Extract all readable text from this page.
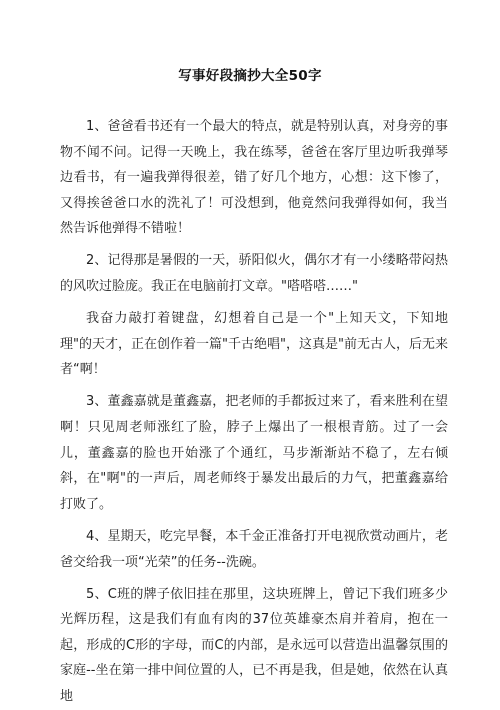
写事好段摘抄大全50字

1、爸爸看书还有一个最大的特点，就是特别认真，对身旁的事物不闻不问。记得一天晚上，我在练琴，爸爸在客厅里边听我弹琴边看书，有一遍我弹得很差，错了好几个地方，心想：这下惨了，又得挨爸爸口水的洗礼了！可没想到，他竟然问我弹得如何，我当然告诉他弹得不错啦！

2、记得那是暑假的一天，骄阳似火，偶尔才有一小缕略带闷热的风吹过脸庞。我正在电脑前打文章。"嗒嗒嗒……"

我奋力敲打着键盘，幻想着自己是一个"上知天文，下知地理"的天才，正在创作着一篇"千古绝唱"，这真是"前无古人，后无来者“啊！

3、董鑫嘉就是董鑫嘉，把老师的手都扳过来了，看来胜利在望啊！只见周老师涨红了脸，脖子上爆出了一根根青筋。过了一会儿，董鑫嘉的脸也开始涨了个通红，马步渐渐站不稳了，左右倾斜，在"啊"的一声后，周老师终于暴发出最后的力气，把董鑫嘉给打败了。

4、星期天，吃完早餐，本千金正准备打开电视欣赏动画片，老爸交给我一项“光荣”的任务--洗碗。

5、C班的牌子依旧挂在那里，这块班牌上，曾记下我们班多少光辉历程，这是我们有血有肉的37位英雄豪杰肩并着肩，抱在一起，形成的C形的字母，而C的内部，是永远可以营造出温馨氛围的家庭--坐在第一排中间位置的人，已不再是我，但是她，依然在认真地
